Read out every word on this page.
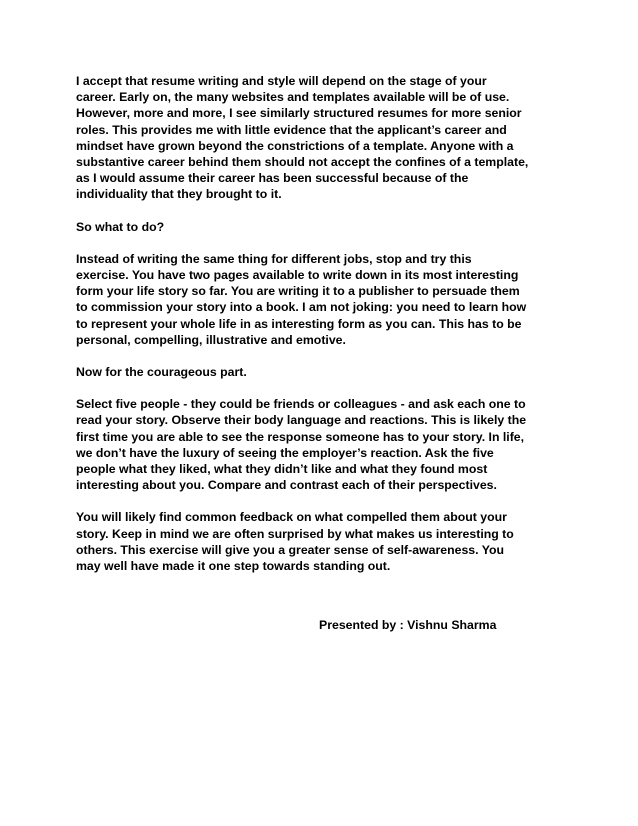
I accept that resume writing and style will depend on the stage of your
career. Early on, the many websites and templates available will be of use.
However, more and more, I see similarly structured resumes for more senior
roles. This provides me with little evidence that the applicant’s career and
mindset have grown beyond the constrictions of a template. Anyone with a
substantive career behind them should not accept the confines of a template,
as I would assume their career has been successful because of the
individuality that they brought to it.

So what to do?

Instead of writing the same thing for different jobs, stop and try this
exercise. You have two pages available to write down in its most interesting
form your life story so far. You are writing it to a publisher to persuade them
to commission your story into a book. I am not joking: you need to learn how
to represent your whole life in as interesting form as you can. This has to be
personal, compelling, illustrative and emotive.

Now for the courageous part.

Select five people - they could be friends or colleagues - and ask each one to
read your story. Observe their body language and reactions. This is likely the
first time you are able to see the response someone has to your story. In life,
we don’t have the luxury of seeing the employer’s reaction. Ask the five
people what they liked, what they didn’t like and what they found most
interesting about you. Compare and contrast each of their perspectives.

You will likely find common feedback on what compelled them about your
story. Keep in mind we are often surprised by what makes us interesting to
others. This exercise will give you a greater sense of self-awareness. You
may well have made it one step towards standing out.

Presented by : Vishnu Sharma
